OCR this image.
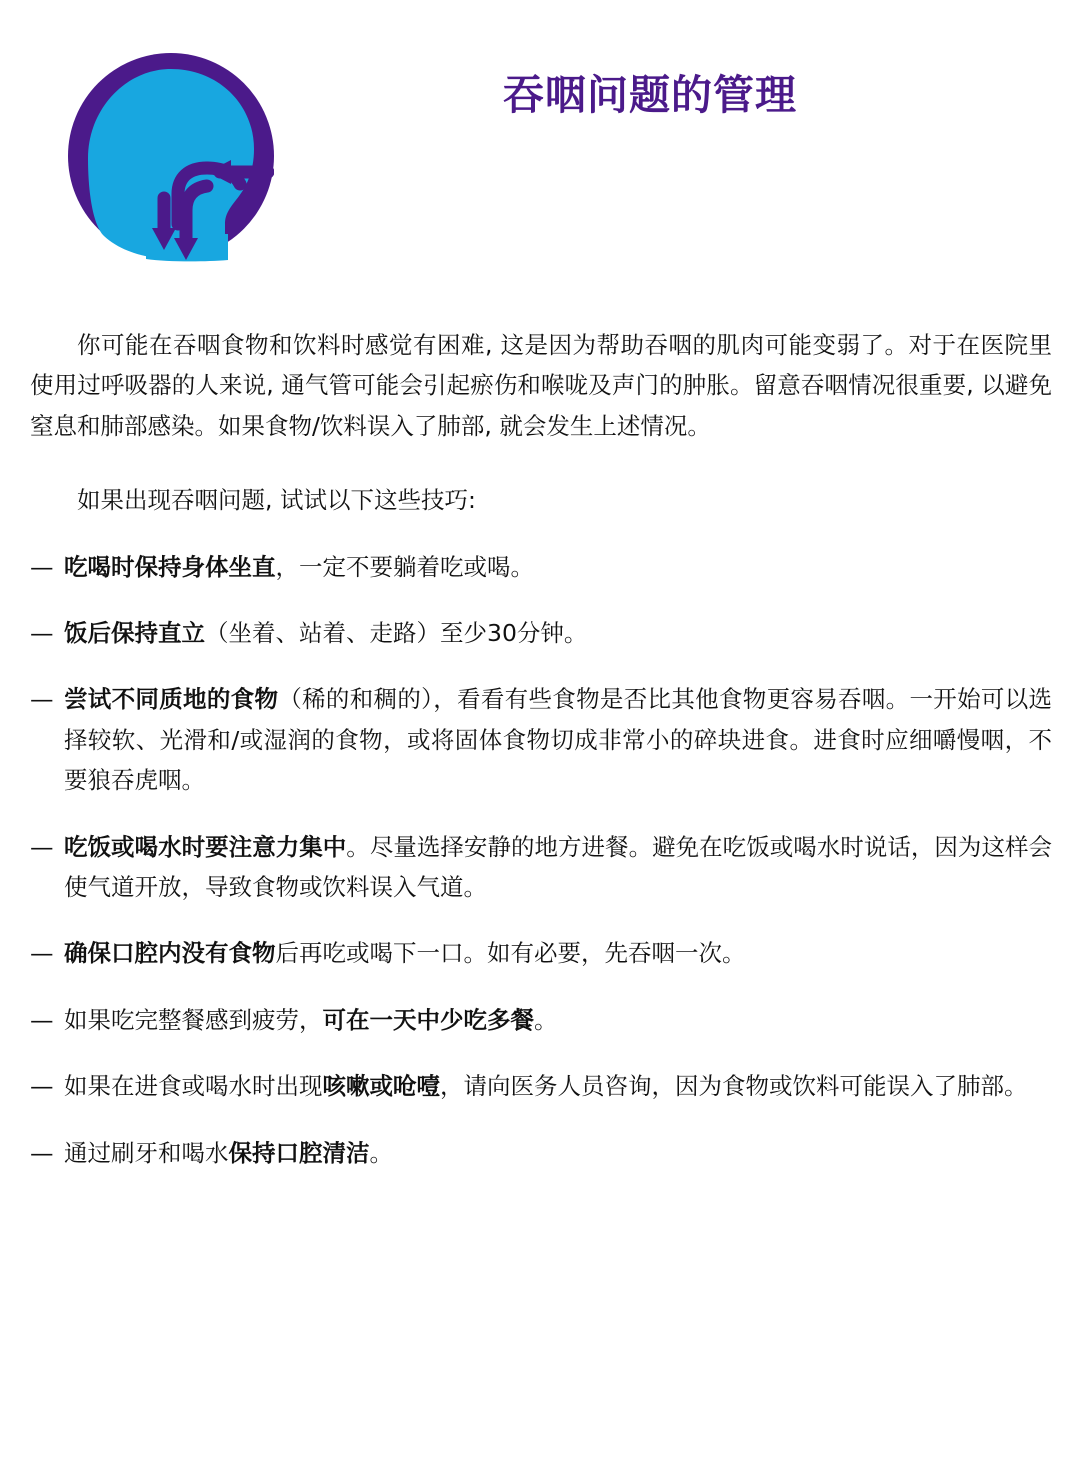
吞咽问题的管理

你可能在吞咽食物和饮料时感觉有困难, 这是因为帮助吞咽的肌肉可能变弱了。对于在医院里使用过呼吸器的人来说, 通气管可能会引起瘀伤和喉咙及声门的肿胀。留意吞咽情况很重要, 以避免窒息和肺部感染。如果食物/饮料误入了肺部, 就会发生上述情况。

如果出现吞咽问题, 试试以下这些技巧:

— 吃喝时保持身体坐直，一定不要躺着吃或喝。
— 饭后保持直立（坐着、站着、走路）至少30分钟。
— 尝试不同质地的食物（稀的和稠的），看看有些食物是否比其他食物更容易吞咽。一开始可以选择较软、光滑和/或湿润的食物，或将固体食物切成非常小的碎块进食。进食时应细嚼慢咽，不要狼吞虎咽。
— 吃饭或喝水时要注意力集中。尽量选择安静的地方进餐。避免在吃饭或喝水时说话，因为这样会使气道开放，导致食物或饮料误入气道。
— 确保口腔内没有食物后再吃或喝下一口。如有必要，先吞咽一次。
— 如果吃完整餐感到疲劳，可在一天中少吃多餐。
— 如果在进食或喝水时出现咳嗽或呛噎，请向医务人员咨询，因为食物或饮料可能误入了肺部。
— 通过刷牙和喝水保持口腔清洁。
